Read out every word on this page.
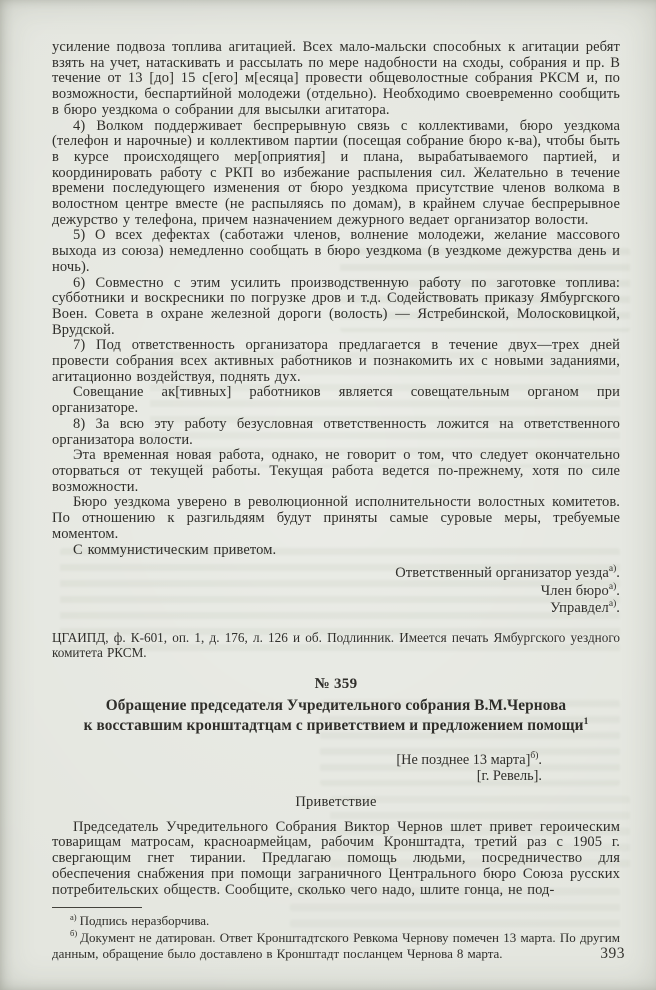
усиление подвоза топлива агитацией. Всех мало-мальски способных к агитации ребят взять на учет, натаскивать и рассылать по мере надобности на сходы, собрания и пр. В течение от 13 [до] 15 с[его] м[есяца] провести общеволостные собрания РКСМ и, по возможности, беспартийной молодежи (отдельно). Необходимо своевременно сообщить в бюро уездкома о собрании для высылки агитатора.

4) Волком поддерживает беспрерывную связь с коллективами, бюро уездкома (телефон и нарочные) и коллективом партии (посещая собрание бюро к-ва), чтобы быть в курсе происходящего мер[оприятия] и плана, вырабатываемого партией, и координировать работу с РКП во избежание распыления сил. Желательно в течение времени последующего изменения от бюро уездкома присутствие членов волкома в волостном центре вместе (не распыляясь по домам), в крайнем случае беспрерывное дежурство у телефона, причем назначением дежурного ведает организатор волости.

5) О всех дефектах (саботажи членов, волнение молодежи, желание массового выхода из союза) немедленно сообщать в бюро уездкома (в уездкоме дежурства день и ночь).

6) Совместно с этим усилить производственную работу по заготовке топлива: субботники и воскресники по погрузке дров и т.д. Содействовать приказу Ямбургского Воен. Совета в охране железной дороги (волость) — Ястребинской, Молосковицкой, Врудской.

7) Под ответственность организатора предлагается в течение двух—трех дней провести собрания всех активных работников и познакомить их с новыми заданиями, агитационно воздействуя, поднять дух.

Совещание ак[тивных] работников является совещательным органом при организаторе.

8) За всю эту работу безусловная ответственность ложится на ответственного организатора волости.

Эта временная новая работа, однако, не говорит о том, что следует окончательно оторваться от текущей работы. Текущая работа ведется по-прежнему, хотя по силе возможности.

Бюро уездкома уверено в революционной исполнительности волостных комитетов. По отношению к разгильдяям будут приняты самые суровые меры, требуемые моментом.

С коммунистическим приветом.

Ответственный организатор уезда$^{а)}$.
Член бюро$^{а)}$.
Управдел$^{а)}$.

ЦГАИПД, ф. К-601, оп. 1, д. 176, л. 126 и об. Подлинник. Имеется печать Ямбургского уездного комитета РКСМ.

№ 359
Обращение председателя Учредительного собрания В.М.Чернова
к восставшим кронштадтцам с приветствием и предложением помощи$^1$
[Не позднее 13 марта]$^{б)}$.
[г. Ревель].
Приветствие

Председатель Учредительного Собрания Виктор Чернов шлет привет героическим товарищам матросам, красноармейцам, рабочим Кронштадта, третий раз с 1905 г. свергающим гнет тирании. Предлагаю помощь людьми, посредничество для обеспечения снабжения при помощи заграничного Центрального бюро Союза русских потребительских обществ. Сообщите, сколько чего надо, шлите гонца, не под-

$^{а)}$ Подпись неразборчива.

$^{б)}$ Документ не датирован. Ответ Кронштадтского Ревкома Чернову помечен 13 марта. По другим данным, обращение было доставлено в Кронштадт посланцем Чернова 8 марта.	393
